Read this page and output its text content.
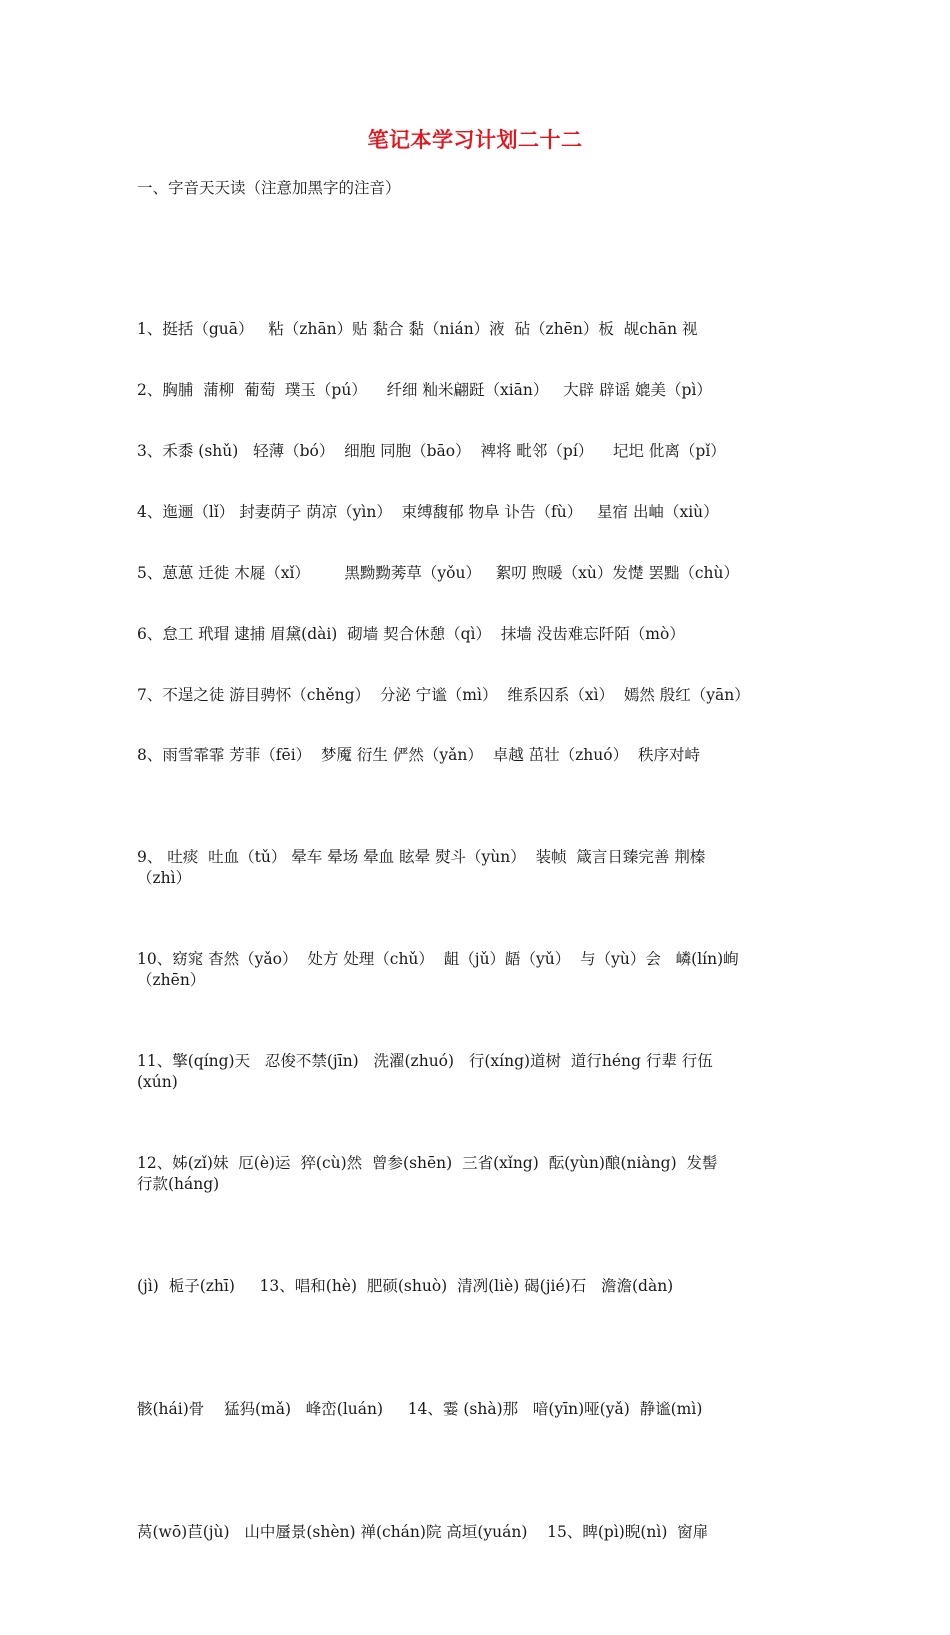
笔记本学习计划二十二
一、字音天天读（注意加黑字的注音）

1、挺括（guā）   粘（zhān）贴 黏合 黏（nián）液  砧（zhēn）板  觇chān 视

2、胸脯  蒲柳  葡萄  璞玉（pú）    纤细 籼米翩跹（xiān）   大辟 辟谣 媲美（pì）

3、禾黍 (shǔ)   轻薄（bó）  细胞 同胞（bāo）  裨将 毗邻（pí）    圮圯 仳离（pǐ）

4、迤逦（lǐ） 封妻荫子 荫凉（yìn）  束缚馥郁 物阜 讣告（fù）   星宿 出岫（xiù）

5、葸葸 迁徙 木屣（xǐ）       黑黝黝莠草（yǒu）   絮叨 煦暖（xù）发憷 罢黜（chù）

6、怠工 玳瑁 逮捕 眉黛(dài)  砌墙 契合休憩（qì）  抹墙 没齿难忘阡陌（mò）

7、不逞之徒 游目骋怀（chěng）  分泌 宁谧（mì）  维系囚系（xì）  嫣然 殷红（yān）

8、雨雪霏霏 芳菲（fēi）  梦魇 衍生 俨然（yǎn）  卓越 茁壮（zhuó）  秩序对峙

（zhì）

9、 吐痰  吐血（tǔ） 晕车 晕场 晕血 眩晕 熨斗（yùn）  装帧  箴言日臻完善 荆榛

（zhēn）

10、窈窕 杳然（yǎo）  处方 处理（chǔ）  龃（jǔ）龉（yǔ）  与（yù）会   嶙(lín)峋

(xún)

11、擎(qíng)天   忍俊不禁(jīn)   洗濯(zhuó)   行(xíng)道树  道行héng 行辈 行伍

行款(háng)

12、姊(zǐ)妹  厄(è)运  猝(cù)然  曾参(shēn)  三省(xǐng)  酝(yùn)酿(niàng)  发髻

(jì)  栀子(zhī)     13、唱和(hè)  肥硕(shuò)  清冽(liè) 碣(jié)石   澹澹(dàn)

骸(hái)骨    猛犸(mǎ)   峰峦(luán)     14、霎 (shà)那   喑(yīn)哑(yǎ)  静谧(mì)

莴(wō)苣(jù)   山中蜃景(shèn) 禅(chán)院 高垣(yuán)    15、睥(pì)睨(nì)  窗扉
